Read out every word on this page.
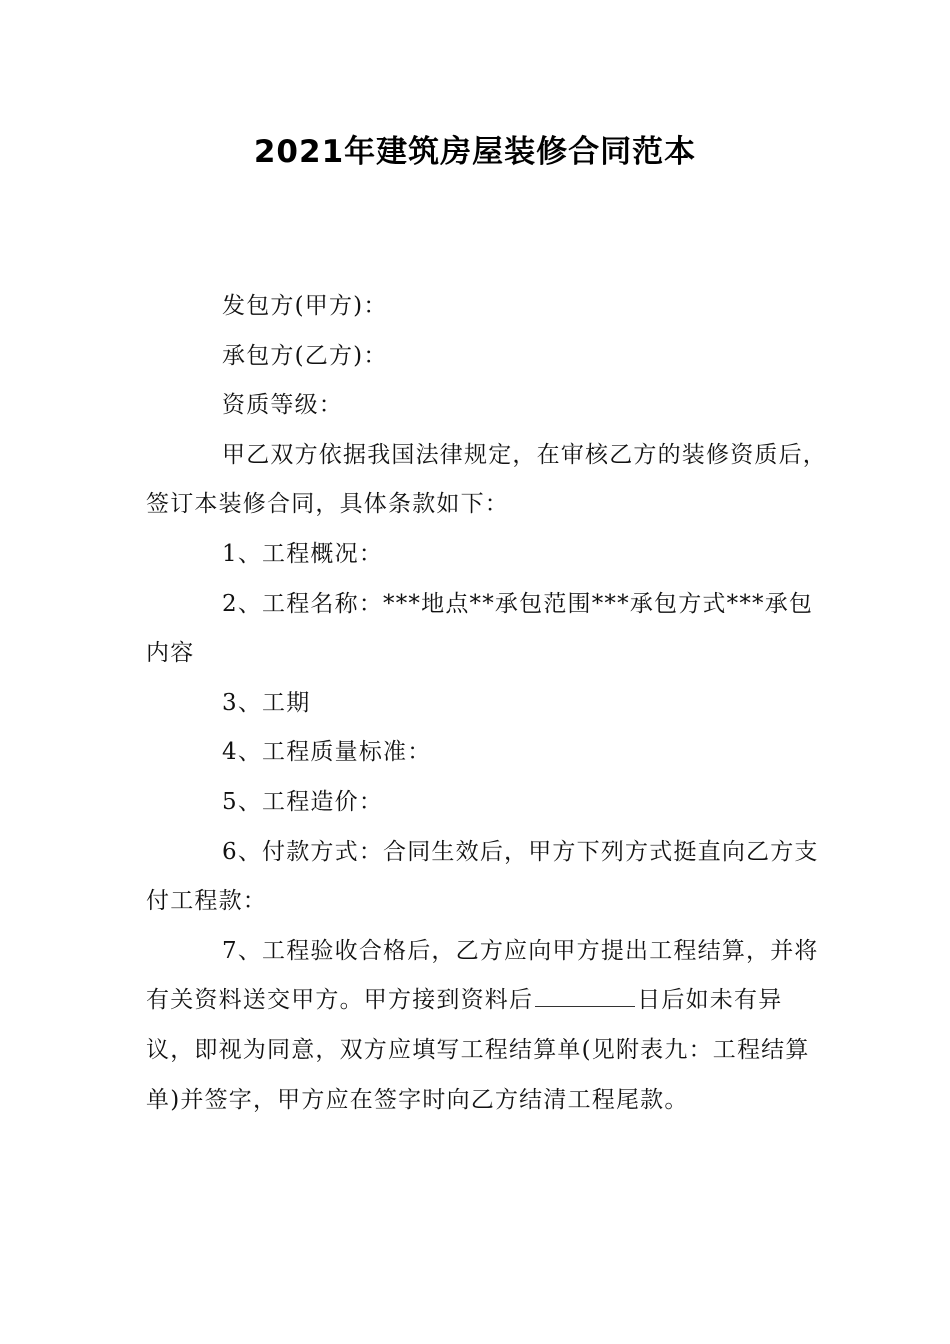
2021年建筑房屋装修合同范本

发包方(甲方)：

承包方(乙方)：

资质等级：

甲乙双方依据我国法律规定，在审核乙方的装修资质后，签订本装修合同，具体条款如下：

1、工程概况：

2、工程名称：***地点**承包范围***承包方式***承包内容

3、工期

4、工程质量标准：

5、工程造价：

6、付款方式：合同生效后，甲方下列方式挺直向乙方支付工程款：

7、工程验收合格后，乙方应向甲方提出工程结算，并将有关资料送交甲方。甲方接到资料后	日后如未有异议，即视为同意，双方应填写工程结算单(见附表九：工程结算单)并签字，甲方应在签字时向乙方结清工程尾款。
